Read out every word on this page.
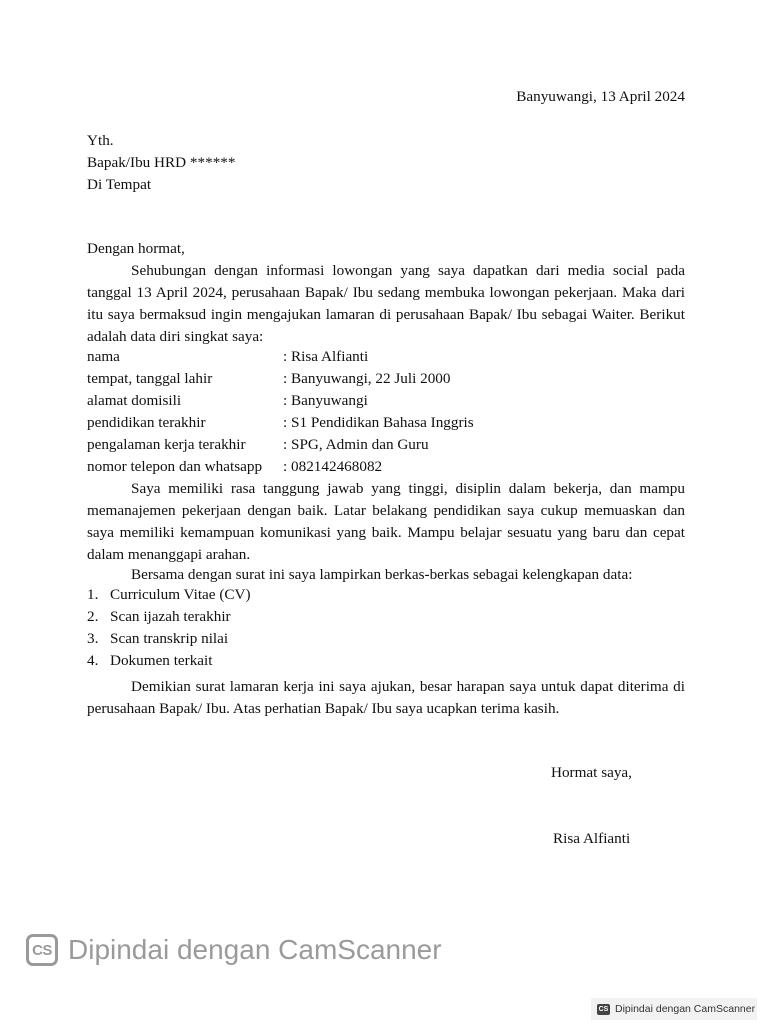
Banyuwangi, 13 April 2024
Yth.
Bapak/Ibu HRD ******
Di Tempat
Dengan hormat,

Sehubungan dengan informasi lowongan yang saya dapatkan dari media social pada tanggal 13 April 2024, perusahaan Bapak/ Ibu sedang membuka lowongan pekerjaan. Maka dari itu saya bermaksud ingin mengajukan lamaran di perusahaan Bapak/ Ibu sebagai Waiter. Berikut adalah data diri singkat saya:

nama	: Risa Alfianti
tempat, tanggal lahir	: Banyuwangi, 22 Juli 2000
alamat domisili	: Banyuwangi
pendidikan terakhir	: S1 Pendidikan Bahasa Inggris
pengalaman kerja terakhir	: SPG, Admin dan Guru
nomor telepon dan whatsapp	: 082142468082

Saya memiliki rasa tanggung jawab yang tinggi, disiplin dalam bekerja, dan mampu memanajemen pekerjaan dengan baik. Latar belakang pendidikan saya cukup memuaskan dan saya memiliki kemampuan komunikasi yang baik. Mampu belajar sesuatu yang baru dan cepat dalam menanggapi arahan.

Bersama dengan surat ini saya lampirkan berkas-berkas sebagai kelengkapan data:
1. Curriculum Vitae (CV)
2. Scan ijazah terakhir
3. Scan transkrip nilai
4. Dokumen terkait

Demikian surat lamaran kerja ini saya ajukan, besar harapan saya untuk dapat diterima di perusahaan Bapak/ Ibu. Atas perhatian Bapak/ Ibu saya ucapkan terima kasih.

Hormat saya,
Risa Alfianti
CS Dipindai dengan CamScanner
CS Dipindai dengan CamScanner
